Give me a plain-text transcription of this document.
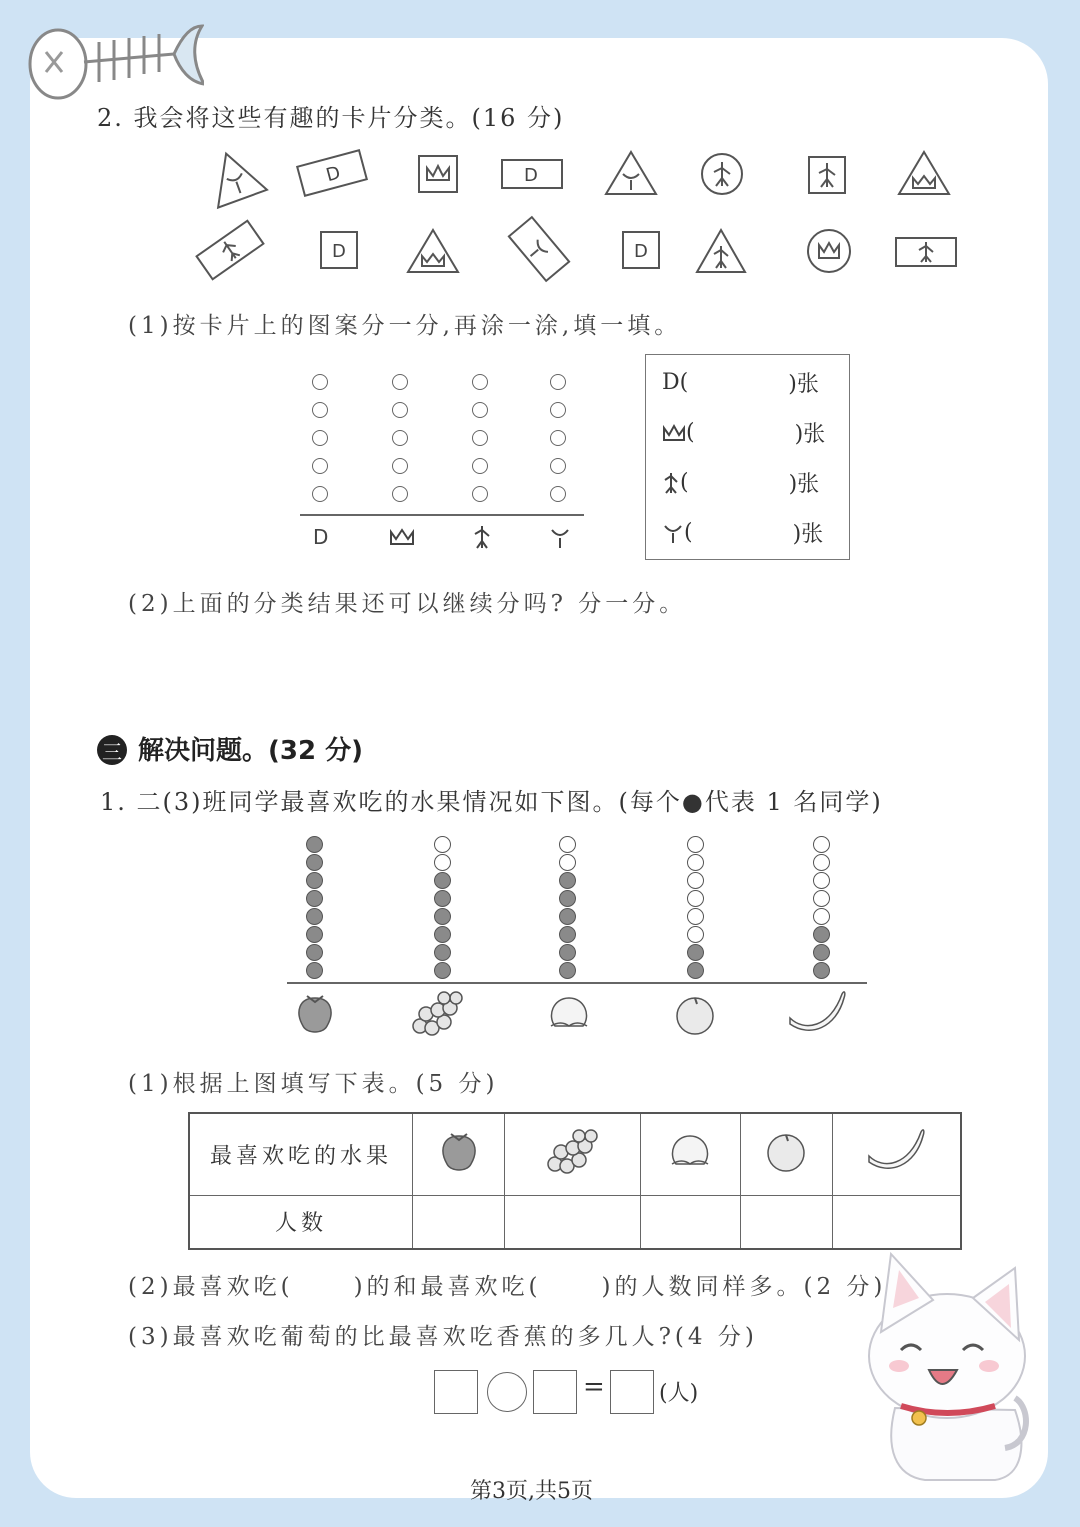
2. 我会将这些有趣的卡片分类。(16 分)
D	D
D	D
(1)按卡片上的图案分一分,再涂一涂,填一填。
D
D (	)张
(	)张
(	)张
(	)张
(2)上面的分类结果还可以继续分吗? 分一分。
三 解决问题。(32 分)
1. 二(3)班同学最喜欢吃的水果情况如下图。(每个●代表 1 名同学)
(1)根据上图填写下表。(5 分)
最喜欢吃的水果					
人数					
(2)最喜欢吃(	)的和最喜欢吃(	)的人数同样多。(2 分)
(3)最喜欢吃葡萄的比最喜欢吃香蕉的多几人?(4 分)
= (人)
第3页,共5页
